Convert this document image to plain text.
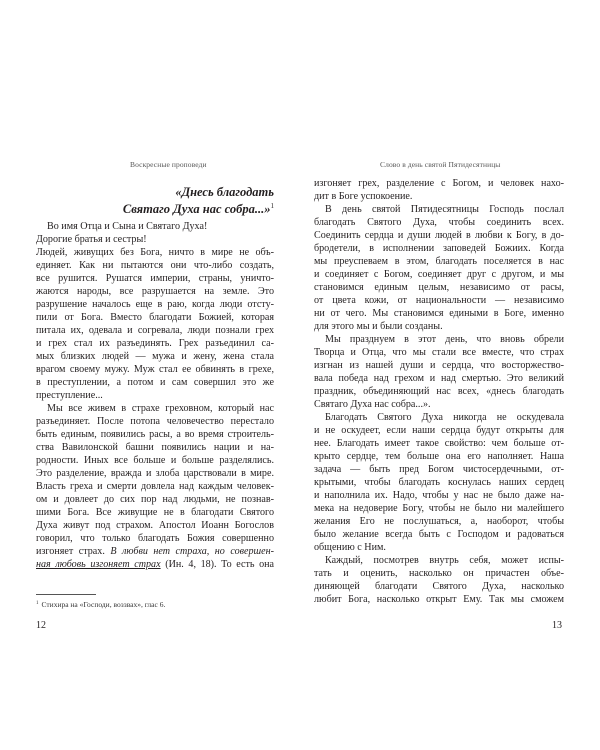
Воскресные проповеди
«Днесь благодать
Святаго Духа нас собра...»$^1$
Во имя Отца и Сына и Святаго Духа!
Дорогие братья и сестры!
Людей, живущих без Бога, ничто в мире не объ-
единяет. Как ни пытаются они что-либо создать,
все рушится. Рушатся империи, страны, уничто-
жаются народы, все разрушается на земле. Это
разрушение началось еще в раю, когда люди отсту-
пили от Бога. Вместо благодати Божией, которая
питала их, одевала и согревала, люди познали грех
и грех стал их разъединять. Грех разъединил са-
мых близких людей — мужа и жену, жена стала
врагом своему мужу. Муж стал ее обвинять в грехе,
в преступлении, а потом и сам совершил это же
преступление...
Мы все живем в страхе греховном, который нас
разъединяет. После потопа человечество перестало
быть единым, появились расы, а во время строитель-
ства Вавилонской башни появились нации и на-
родности. Иных все больше и больше разделялись.
Это разделение, вражда и злоба царствовали в мире.
Власть греха и смерти довлела над каждым человек-
ом и довлеет до сих пор над людьми, не познав-
шими Бога. Все живущие не в благодати Святого
Духа живут под страхом. Апостол Иоанн Богослов
говорил, что только благодать Божия совершенно
изгоняет страх. В любви нет страха, но совершен-
ная любовь изгоняет страх (Ин. 4, 18). То есть она
$^1$ Стихира на «Господи, воззвах», глас 6.
12
Слово в день святой Пятидесятницы
изгоняет грех, разделение с Богом, и человек нахо-
дит в Боге успокоение.
В день святой Пятидесятницы Господь послал
благодать Святого Духа, чтобы соединить всех.
Соединить сердца и души людей в любви к Богу, в до-
бродетели, в исполнении заповедей Божиих. Когда
мы преуспеваем в этом, благодать поселяется в нас
и соединяет с Богом, соединяет друг с другом, и мы
становимся единым целым, независимо от расы,
от цвета кожи, от национальности — независимо
ни от чего. Мы становимся едиными в Боге, именно
для этого мы и были созданы.
Мы празднуем в этот день, что вновь обрели
Творца и Отца, что мы стали все вместе, что страх
изгнан из нашей души и сердца, что восторжество-
вала победа над грехом и над смертью. Это великий
праздник, объединяющий нас всех, «днесь благодать
Святаго Духа нас собра...».
Благодать Святого Духа никогда не оскудевала
и не оскудеет, если наши сердца будут открыты для
нее. Благодать имеет такое свойство: чем больше от-
крыто сердце, тем больше она его наполняет. Наша
задача — быть пред Богом чистосердечными, от-
крытыми, чтобы благодать коснулась наших сердец
и наполнила их. Надо, чтобы у нас не было даже на-
мека на недоверие Богу, чтобы не было ни малейшего
желания Его не послушаться, а, наоборот, чтобы
было желание всегда быть с Господом и радоваться
общению с Ним.
Каждый, посмотрев внутрь себя, может испы-
тать и оценить, насколько он причастен объе-
диняющей благодати Святого Духа, насколько
любит Бога, насколько открыт Ему. Так мы сможем
13
